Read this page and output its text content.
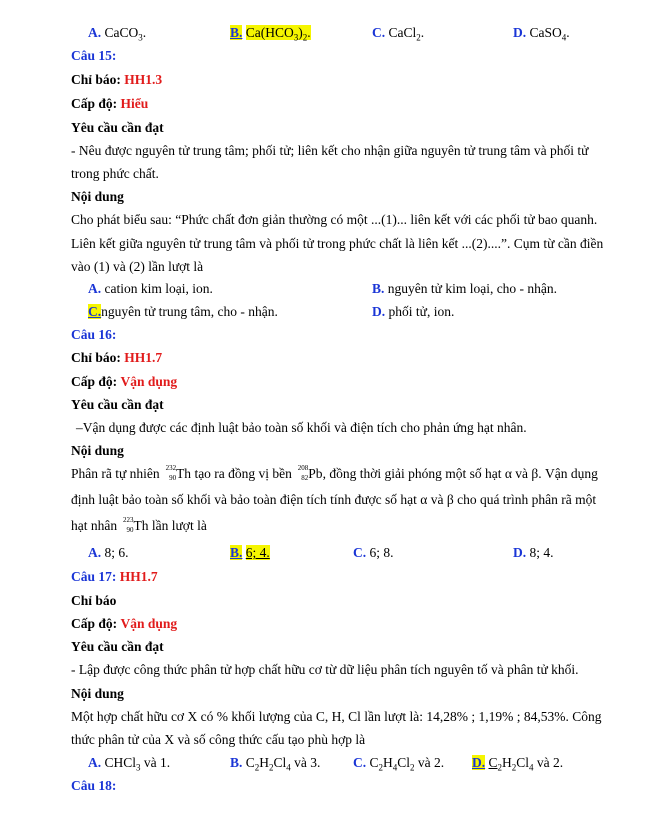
A. CaCO$_3$.	B. $Ca(HCO_3)_2$.	C. CaCl$_2$.	D. CaSO$_4$.
Câu 15:
Chỉ báo: HH1.3
Cấp độ: Hiểu
Yêu cầu cần đạt
- Nêu được nguyên tử trung tâm; phối tử; liên kết cho nhận giữa nguyên tử trung tâm và phối tử
trong phức chất.
Nội dung
Cho phát biểu sau: “Phức chất đơn giản thường có một ...(1)... liên kết với các phối tử bao quanh.
Liên kết giữa nguyên tử trung tâm và phối tử trong phức chất là liên kết ...(2)....”. Cụm từ cần điền
vào (1) và (2) lần lượt là
A. cation kim loại, ion.	B. nguyên tử kim loại, cho - nhận.
C.nguyên tử trung tâm, cho - nhận.	D. phối tử, ion.
Câu 16:
Chỉ báo: HH1.7
Cấp độ: Vận dụng
Yêu cầu cần đạt
–Vận dụng được các định luật bảo toàn số khối và điện tích cho phản ứng hạt nhân.
Nội dung
Phân rã tự nhiên 232
90 Th tạo ra đồng vị bền 208
82 Pb, đồng thời giải phóng một số hạt α và β. Vận dụng
định luật bảo toàn số khối và bảo toàn điện tích tính được số hạt α và β cho quá trình phân rã một
hạt nhân 223
90 Th lần lượt là
A. 8; 6.	B. 6; 4.	C. 6; 8.	D. 8; 4.
Câu 17: HH1.7
Chỉ báo
Cấp độ: Vận dụng
Yêu cầu cần đạt
- Lập được công thức phân tử hợp chất hữu cơ từ dữ liệu phân tích nguyên tố và phân tử khối.
Nội dung
Một hợp chất hữu cơ X có % khối lượng của C, H, Cl lần lượt là: 14,28% ; 1,19% ; 84,53%. Công
thức phân tử của X và số công thức cấu tạo phù hợp là
A. CHCl$_3$ và 1.	B. $C_2H_2Cl_4$ và 3. C. $C_2H_4Cl_2$ và 2. D. $C_2H_2Cl_4$ và 2.
Câu 18:
